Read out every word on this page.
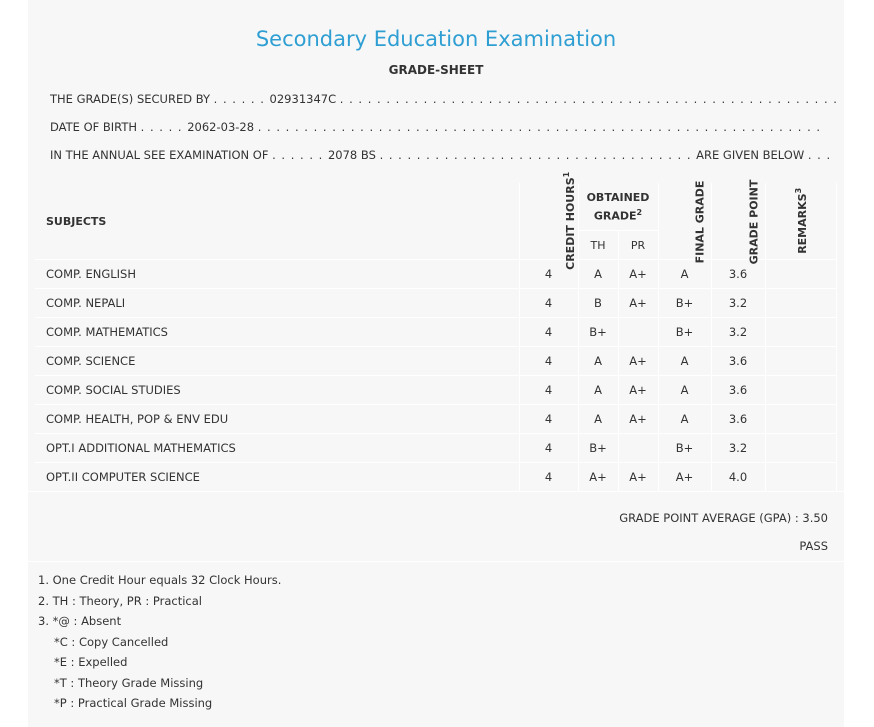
Secondary Education Examination
GRADE-SHEET
THE GRADE(S) SECURED BY . . . . . . 02931347C . . . . . . . . . . . . . . . . . . . . . . . . . . . . . . . . . . . . . . . . . . . . . . . . . . . . . .
DATE OF BIRTH . . . . . 2062-03-28 . . . . . . . . . . . . . . . . . . . . . . . . . . . . . . . . . . . . . . . . . . . . . . . . . . . . . . . . . . . . .
IN THE ANNUAL SEE EXAMINATION OF . . . . . . 2078 BS . . . . . . . . . . . . . . . . . . . . . . . . . . . . . . . . . . ARE GIVEN BELOW . . .
SUBJECTS	CREDIT HOURS$^1$	OBTAINED GRADE$^2$		FINAL GRADE	GRADE POINT	REMARKS$^3$
		TH	PR			
COMP. ENGLISH	4	A	A+	A	3.6	
COMP. NEPALI	4	B	A+	B+	3.2	
COMP. MATHEMATICS	4	B+		B+	3.2	
COMP. SCIENCE	4	A	A+	A	3.6	
COMP. SOCIAL STUDIES	4	A	A+	A	3.6	
COMP. HEALTH, POP & ENV EDU	4	A	A+	A	3.6	
OPT.I ADDITIONAL MATHEMATICS	4	B+		B+	3.2	
OPT.II COMPUTER SCIENCE	4	A+	A+	A+	4.0	
GRADE POINT AVERAGE (GPA) : 3.50
PASS
1. One Credit Hour equals 32 Clock Hours.
2. TH : Theory, PR : Practical
3. *@ : Absent
*C : Copy Cancelled
*E : Expelled
*T : Theory Grade Missing
*P : Practical Grade Missing
